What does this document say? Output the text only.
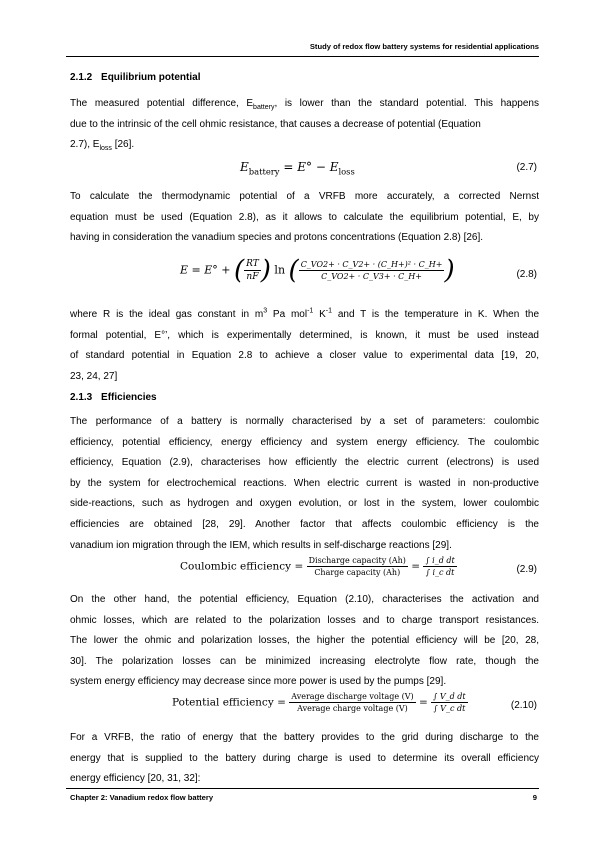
Study of redox flow battery systems for residential applications
2.1.2 Equilibrium potential
The measured potential difference, $E_{battery}$, is lower than the standard potential. This happens
due to the intrinsic of the cell ohmic resistance, that causes a decrease of potential (Equation
2.7), $E_{loss}$ [26].
$E_{battery} = E^\circ - E_{loss}$	(2.7)
To calculate the thermodynamic potential of a VRFB more accurately, a corrected Nernst
equation must be used (Equation 2.8), as it allows to calculate the equilibrium potential, E, by
having in consideration the vanadium species and protons concentrations (Equation 2.8) [26].
E = E° + ( $\frac{RT}{nF}$ ) ln ( $\frac{\text{C\_VO2+ · C\_V2+ · (C\_H+)² · C\_H+}}{C\_VO2+ \cdot C\_V3+ \cdot C\_H+}$ )	(2.8)
where R is the ideal gas constant in $m^3$ Pa mol$^{-1}$ $K^{-1}$ and T is the temperature in K. When the
formal potential, E°’, which is experimentally determined, is known, it must be used instead
of standard potential in Equation 2.8 to achieve a closer value to experimental data [19, 20,
23, 24, 27]
2.1.3 Efficiencies
The performance of a battery is normally characterised by a set of parameters: coulombic
efficiency, potential efficiency, energy efficiency and system energy efficiency. The coulombic
efficiency, Equation (2.9), characterises how efficiently the electric current (electrons) is used
by the system for electrochemical reactions. When electric current is wasted in non-productive
side-reactions, such as hydrogen and oxygen evolution, or lost in the system, lower coulombic
efficiencies are obtained [28, 29]. Another factor that affects coulombic efficiency is the
vanadium ion migration through the IEM, which results in self-discharge reactions [29].
Coulombic efficiency = $\frac{\text{Discharge capacity (Ah)}}{\text{Charge capacity (Ah)}} = \frac{\text{∫ i\_d dt}}{\text{∫ i\_c dt}}$	(2.9)
On the other hand, the potential efficiency, Equation (2.10), characterises the activation and
ohmic losses, which are related to the polarization losses and to charge transport resistances.
The lower the ohmic and polarization losses, the higher the potential efficiency will be [20, 28,
30]. The polarization losses can be minimized increasing electrolyte flow rate, though the
system energy efficiency may decrease since more power is used by the pumps [29].
Potential efficiency = $\frac{\text{Average discharge voltage (V)}}{\text{Average charge voltage (V)}} = \frac{\text{∫ V\_d dt}}{\text{∫ V\_c dt}}$	(2.10)
For a VRFB, the ratio of energy that the battery provides to the grid during discharge to the
energy that is supplied to the battery during charge is used to determine its overall efficiency
energy efficiency [20, 31, 32]:
Chapter 2: Vanadium redox flow battery	9
